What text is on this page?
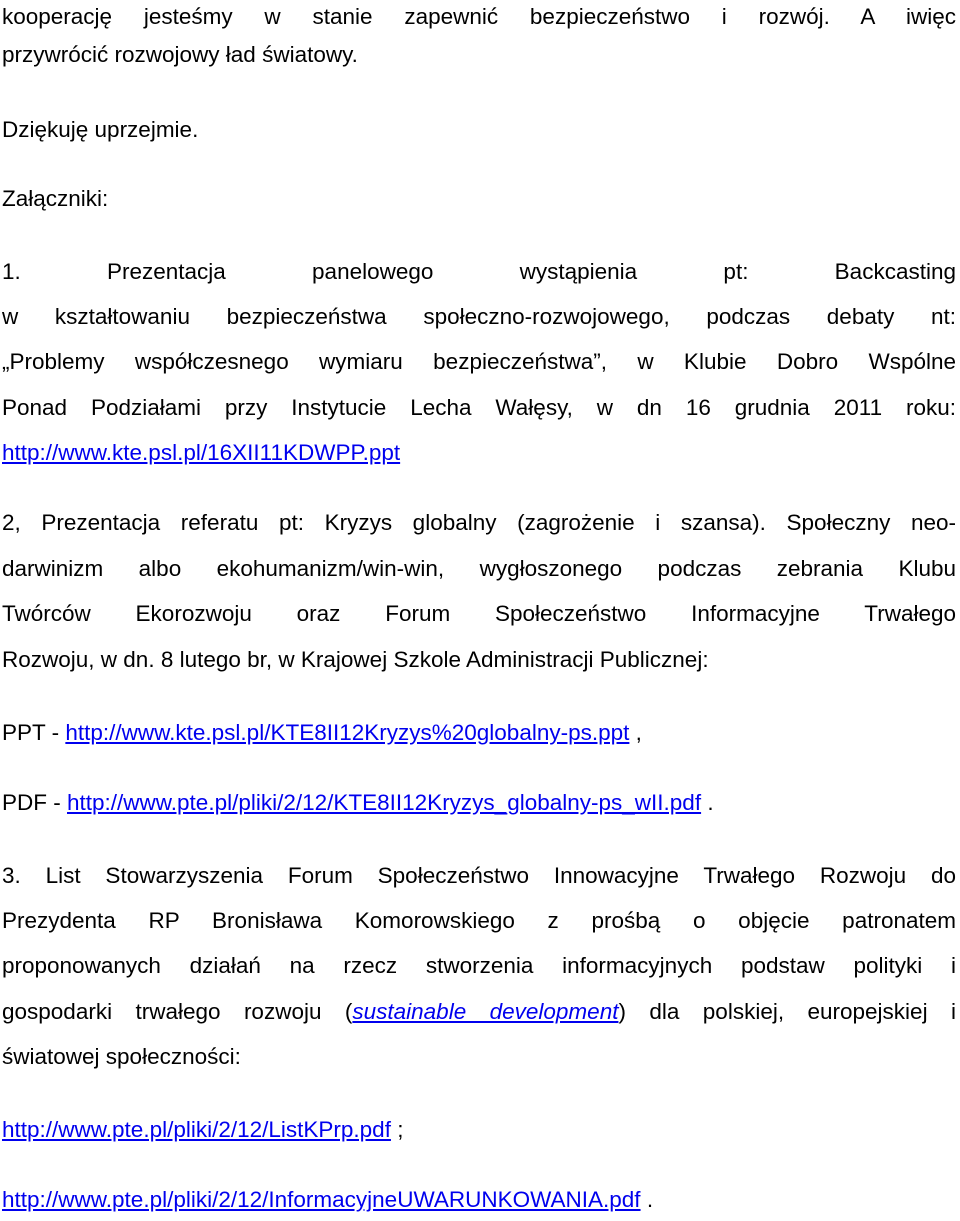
kooperację jesteśmy w stanie zapewnić bezpieczeństwo i rozwój. A iwięc
przywrócić rozwojowy ład światowy.
Dziękuję uprzejmie.
Załączniki:
1. Prezentacja panelowego wystąpienia pt: Backcasting
w kształtowaniu bezpieczeństwa społeczno-rozwojowego, podczas debaty nt:
„Problemy współczesnego wymiaru bezpieczeństwa”, w Klubie Dobro Wspólne
Ponad Podziałami przy Instytucie Lecha Wałęsy, w dn 16 grudnia 2011 roku:
http://www.kte.psl.pl/16XII11KDWPP.ppt
2, Prezentacja referatu pt: Kryzys globalny (zagrożenie i szansa). Społeczny neo-
darwinizm albo ekohumanizm/win-win, wygłoszonego podczas zebrania Klubu
Twórców Ekorozwoju oraz Forum Społeczeństwo Informacyjne Trwałego
Rozwoju, w dn. 8 lutego br, w Krajowej Szkole Administracji Publicznej:
PPT - http://www.kte.psl.pl/KTE8II12Kryzys%20globalny-ps.ppt ,
PDF - http://www.pte.pl/pliki/2/12/KTE8II12Kryzys_globalny-ps_wII.pdf .
3. List Stowarzyszenia Forum Społeczeństwo Innowacyjne Trwałego Rozwoju do
Prezydenta RP Bronisława Komorowskiego z prośbą o objęcie patronatem
proponowanych działań na rzecz stworzenia informacyjnych podstaw polityki i
gospodarki trwałego rozwoju (sustainable development) dla polskiej, europejskiej i
światowej społeczności:
http://www.pte.pl/pliki/2/12/ListKPrp.pdf ;
http://www.pte.pl/pliki/2/12/InformacyjneUWARUNKOWANIA.pdf .
